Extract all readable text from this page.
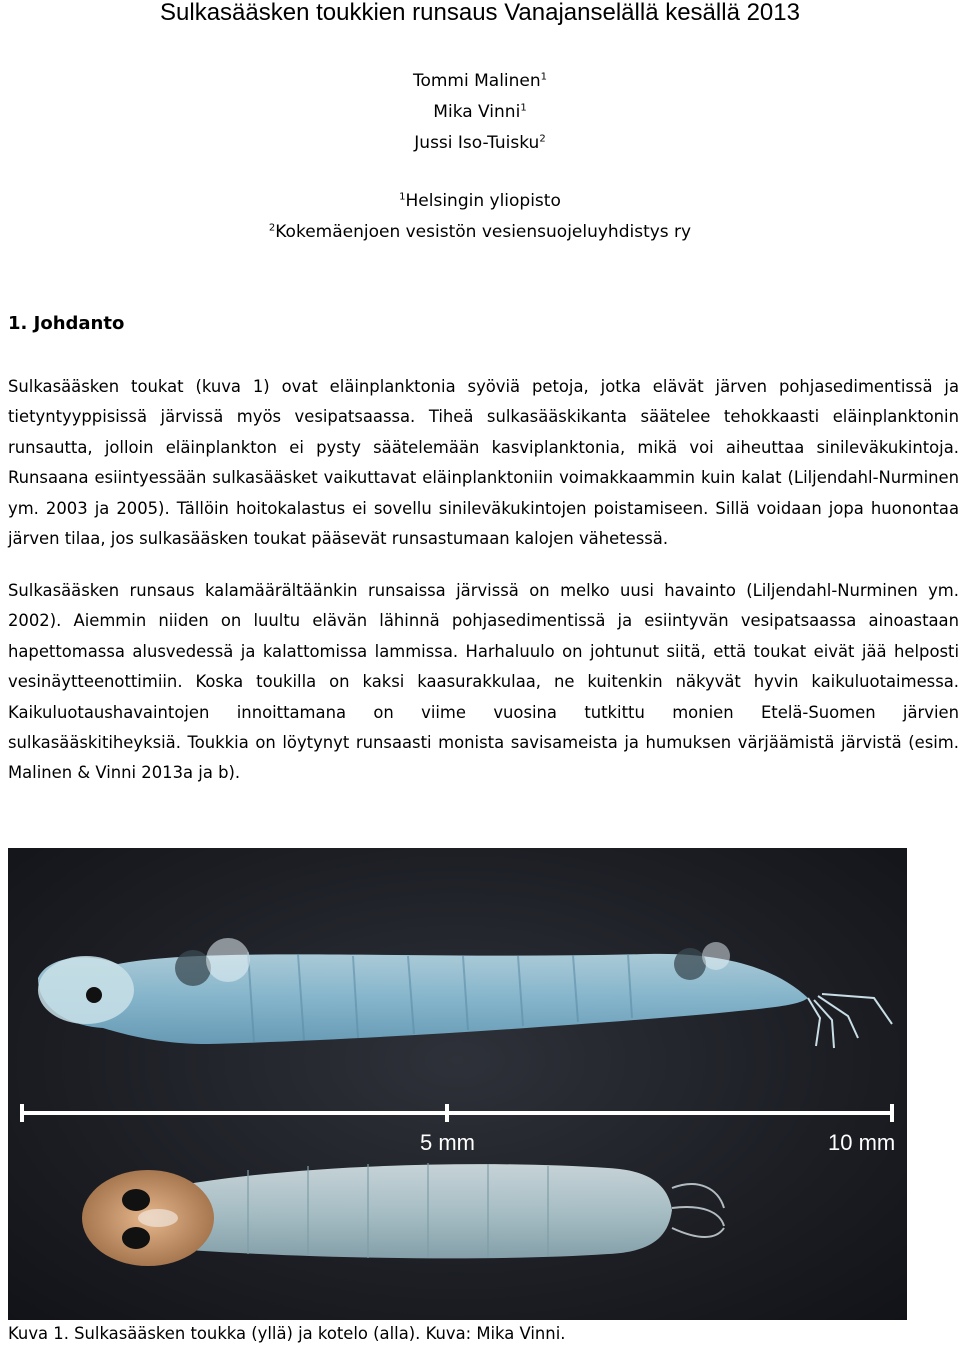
Sulkasääsken toukkien runsaus Vanajanselällä kesällä 2013
Tommi Malinen$^1$
Mika Vinni$^1$
Jussi Iso-Tuisku$^2$
$^1$Helsingin yliopisto
$^2$Kokemäenjoen vesistön vesiensuojeluyhdistys ry
1. Johdanto

Sulkasääsken toukat (kuva 1) ovat eläinplanktonia syöviä petoja, jotka elävät järven pohjasedimentissä ja tietyntyyppisissä järvissä myös vesipatsaassa. Tiheä sulkasääskikanta säätelee tehokkaasti eläinplanktonin runsautta, jolloin eläinplankton ei pysty säätelemään kasviplanktonia, mikä voi aiheuttaa sinileväkukintoja. Runsaana esiintyessään sulkasääsket vaikuttavat eläinplanktoniin voimakkaammin kuin kalat (Liljendahl-Nurminen ym. 2003 ja 2005). Tällöin hoitokalastus ei sovellu sinileväkukintojen poistamiseen. Sillä voidaan jopa huonontaa järven tilaa, jos sulkasääsken toukat pääsevät runsastumaan kalojen vähetessä.

Sulkasääsken runsaus kalamäärältäänkin runsaissa järvissä on melko uusi havainto (Liljendahl-Nurminen ym. 2002). Aiemmin niiden on luultu elävän lähinnä pohjasedimentissä ja esiintyvän vesipatsaassa ainoastaan hapettomassa alusvedessä ja kalattomissa lammissa. Harhaluulo on johtunut siitä, että toukat eivät jää helposti vesinäytteenottimiin. Koska toukilla on kaksi kaasurakkulaa, ne kuitenkin näkyvät hyvin kaikuluotaimessa. Kaikuluotaushavaintojen innoittamana on viime vuosina tutkittu monien Etelä-Suomen järvien sulkasääskitiheyksiä. Toukkia on löytynyt runsaasti monista savisameista ja humuksen värjäämistä järvistä (esim. Malinen & Vinni 2013a ja b).

5 mm	10 mm
Kuva 1. Sulkasääsken toukka (yllä) ja kotelo (alla). Kuva: Mika Vinni.
